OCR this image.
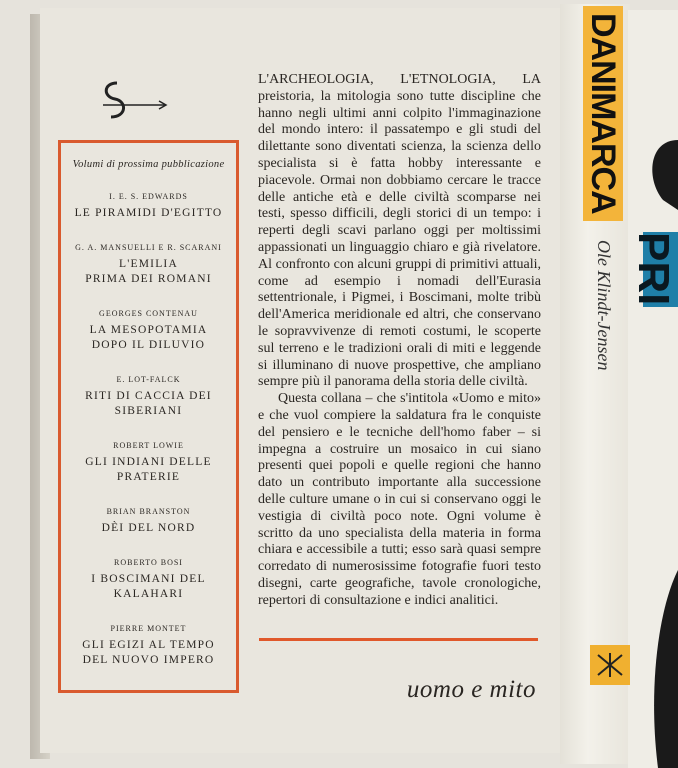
PRI
Volumi di prossima pubblicazione
I. E. S. EDWARDS
LE PIRAMIDI D'EGITTO
G. A. MANSUELLI E R. SCARANI
L'EMILIA
PRIMA DEI ROMANI
GEORGES CONTENAU
LA MESOPOTAMIA
DOPO IL DILUVIO
E. LOT-FALCK
RITI DI CACCIA DEI SIBERIANI
ROBERT LOWIE
GLI INDIANI DELLE PRATERIE
BRIAN BRANSTON
DÈI DEL NORD
ROBERTO BOSI
I BOSCIMANI DEL KALAHARI
PIERRE MONTET
GLI EGIZI AL TEMPO
DEL NUOVO IMPERO

L'ARCHEOLOGIA, L'ETNOLOGIA, LA preistoria, la mitologia sono tutte discipline che hanno negli ultimi anni colpito l'immaginazione del mondo intero: il passatempo e gli studi del dilettante sono diventati scienza, la scienza dello specialista si è fatta hobby interessante e piacevole. Ormai non dobbiamo cercare le tracce delle antiche età e delle civiltà scomparse nei testi, spesso difficili, degli storici di un tempo: i reperti degli scavi parlano oggi per moltissimi appassionati un linguaggio chiaro e già rivelatore. Al confronto con alcuni gruppi di primitivi attuali, come ad esempio i nomadi dell'Eurasia settentrionale, i Pigmei, i Boscimani, molte tribù dell'America meridionale ed altri, che conservano le sopravvivenze di remoti costumi, le scoperte sul terreno e le tradizioni orali di miti e leggende si illuminano di nuove prospettive, che ampliano sempre più il panorama della storia delle civiltà.

Questa collana – che s'intitola «Uomo e mito» e che vuol compiere la saldatura fra le conquiste del pensiero e le tecniche dell'homo faber – si impegna a costruire un mosaico in cui siano presenti quei popoli e quelle regioni che hanno dato un contributo importante alla successione delle culture umane o in cui si conservano oggi le vestigia di civiltà poco note. Ogni volume è scritto da uno specialista della materia in forma chiara e accessibile a tutti; esso sarà quasi sempre corredato di numerosissime fotografie fuori testo disegni, carte geografiche, tavole cronologiche, repertori di consultazione e indici analitici.

uomo e mito
DANIMARCA
Ole Klindt-Jensen
